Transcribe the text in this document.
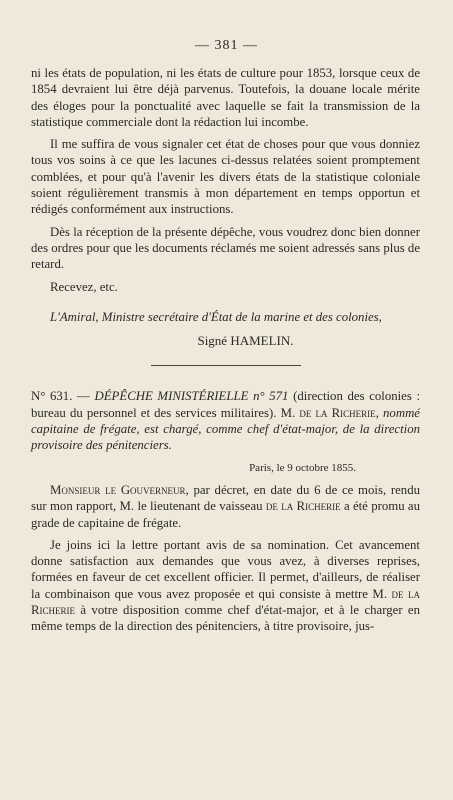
— 381 —

ni les états de population, ni les états de culture pour 1853, lorsque ceux de 1854 devraient lui être déjà parvenus. Toutefois, la douane locale mérite des éloges pour la ponctualité avec laquelle se fait la transmission de la statistique commerciale dont la rédaction lui incombe.

Il me suffira de vous signaler cet état de choses pour que vous donniez tous vos soins à ce que les lacunes ci-dessus relatées soient promptement comblées, et pour qu'à l'avenir les divers états de la statistique coloniale soient régulièrement transmis à mon département en temps opportun et rédigés conformément aux instructions.

Dès la réception de la présente dépêche, vous voudrez donc bien donner des ordres pour que les documents réclamés me soient adressés sans plus de retard.

Recevez, etc.

L'Amiral, Ministre secrétaire d'État de la marine et des colonies,

Signé HAMELIN.

N° 631. — DÉPÊCHE MINISTÉRIELLE n° 571 (direction des colonies : bureau du personnel et des services militaires). M. de la Richerie, nommé capitaine de frégate, est chargé, comme chef d'état-major, de la direction provisoire des pénitenciers.

Paris, le 9 octobre 1855.

Monsieur le Gouverneur, par décret, en date du 6 de ce mois, rendu sur mon rapport, M. le lieutenant de vaisseau de la Richerie a été promu au grade de capitaine de frégate.

Je joins ici la lettre portant avis de sa nomination. Cet avancement donne satisfaction aux demandes que vous avez, à diverses reprises, formées en faveur de cet excellent officier. Il permet, d'ailleurs, de réaliser la combinaison que vous avez proposée et qui consiste à mettre M. de la Richerie à votre disposition comme chef d'état-major, et à le charger en même temps de la direction des pénitenciers, à titre provisoire, jus-
